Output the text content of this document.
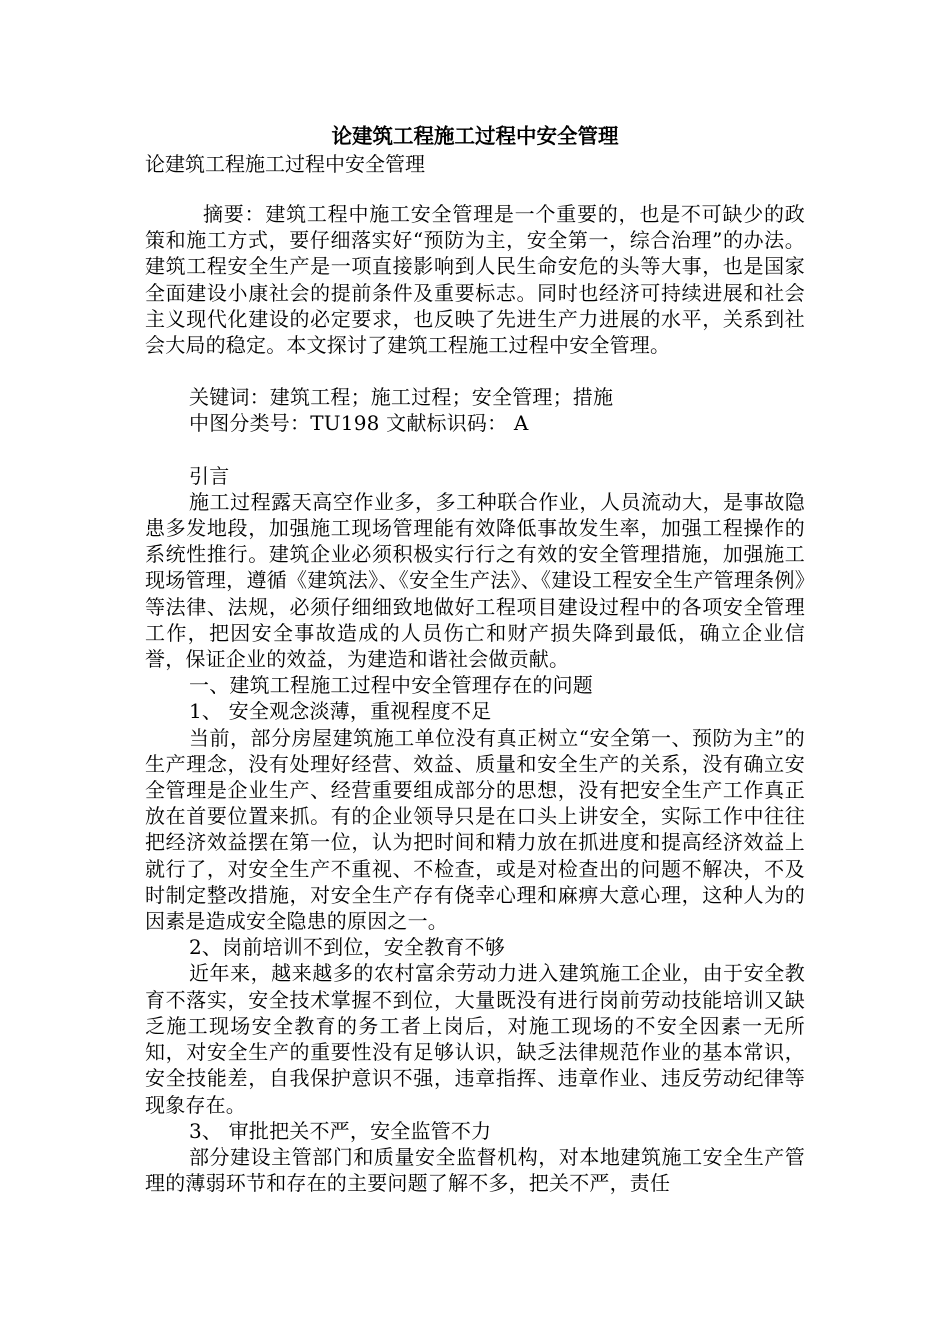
论建筑工程施工过程中安全管理
论建筑工程施工过程中安全管理

摘要：建筑工程中施工安全管理是一个重要的，也是不可缺少的政策和施工方式，要仔细落实好“预防为主，安全第一，综合治理”的办法。建筑工程安全生产是一项直接影响到人民生命安危的头等大事，也是国家全面建设小康社会的提前条件及重要标志。同时也经济可持续进展和社会主义现代化建设的必定要求，也反映了先进生产力进展的水平，关系到社会大局的稳定。本文探讨了建筑工程施工过程中安全管理。

关键词：建筑工程；施工过程；安全管理；措施

中图分类号：TU198 文献标识码： A

引言

施工过程露天高空作业多，多工种联合作业，人员流动大，是事故隐患多发地段，加强施工现场管理能有效降低事故发生率，加强工程操作的系统性推行。建筑企业必须积极实行行之有效的安全管理措施，加强施工现场管理，遵循《建筑法》、《安全生产法》、《建设工程安全生产管理条例》等法律、法规，必须仔细细致地做好工程项目建设过程中的各项安全管理工作，把因安全事故造成的人员伤亡和财产损失降到最低，确立企业信誉，保证企业的效益，为建造和谐社会做贡献。

一、建筑工程施工过程中安全管理存在的问题

1、 安全观念淡薄，重视程度不足

当前，部分房屋建筑施工单位没有真正树立“安全第一、预防为主”的生产理念，没有处理好经营、效益、质量和安全生产的关系，没有确立安全管理是企业生产、经营重要组成部分的思想，没有把安全生产工作真正放在首要位置来抓。有的企业领导只是在口头上讲安全，实际工作中往往把经济效益摆在第一位，认为把时间和精力放在抓进度和提高经济效益上就行了，对安全生产不重视、不检查，或是对检查出的问题不解决，不及时制定整改措施，对安全生产存有侥幸心理和麻痹大意心理，这种人为的因素是造成安全隐患的原因之一。

2、岗前培训不到位，安全教育不够

近年来，越来越多的农村富余劳动力进入建筑施工企业，由于安全教育不落实，安全技术掌握不到位，大量既没有进行岗前劳动技能培训又缺乏施工现场安全教育的务工者上岗后，对施工现场的不安全因素一无所知，对安全生产的重要性没有足够认识，缺乏法律规范作业的基本常识，安全技能差，自我保护意识不强，违章指挥、违章作业、违反劳动纪律等现象存在。

3、 审批把关不严，安全监管不力

部分建设主管部门和质量安全监督机构，对本地建筑施工安全生产管理的薄弱环节和存在的主要问题了解不多，把关不严，责任
